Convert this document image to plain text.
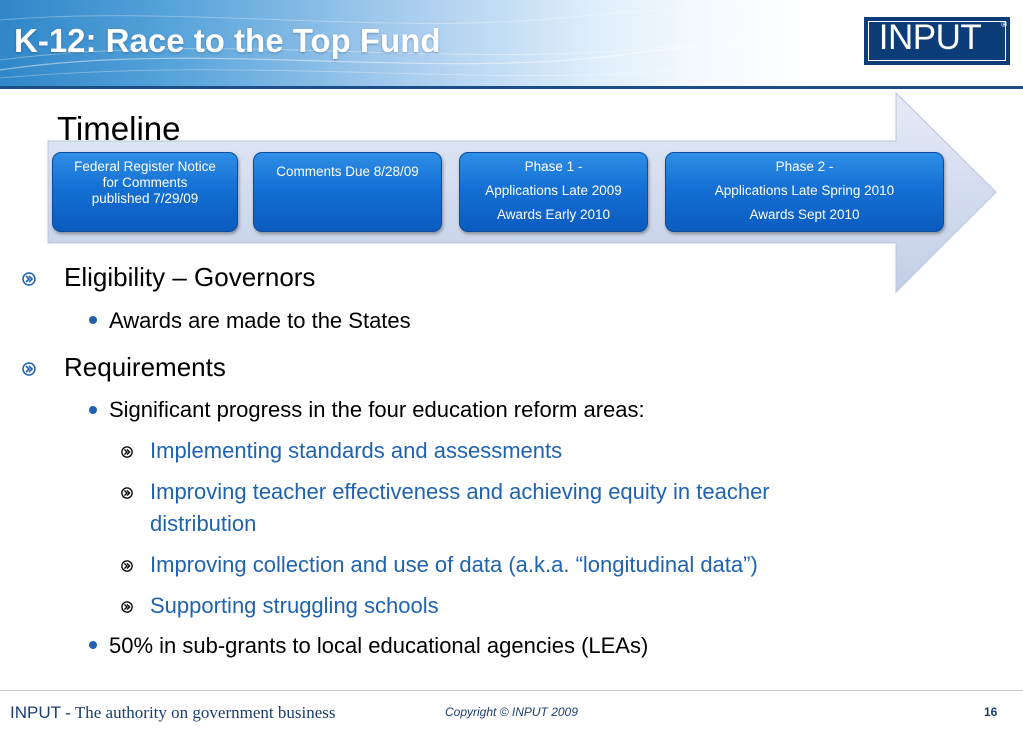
K-12: Race to the Top Fund	INPUT	®
Timeline
Federal Register Notice
for Comments
published 7/29/09
Comments Due 8/28/09	Phase 1 -
Applications Late 2009
Awards Early 2010
Phase 2 -
Applications Late Spring 2010
Awards Sept 2010
Eligibility – Governors
Awards are made to the States
Requirements
Significant progress in the four education reform areas:
Implementing standards and assessments
Improving teacher effectiveness and achieving equity in teacher
distribution
Improving collection and use of data (a.k.a. “longitudinal data”)
Supporting struggling schools
50% in sub-grants to local educational agencies (LEAs)
INPUT - The authority on government business	Copyright © INPUT 2009	16
